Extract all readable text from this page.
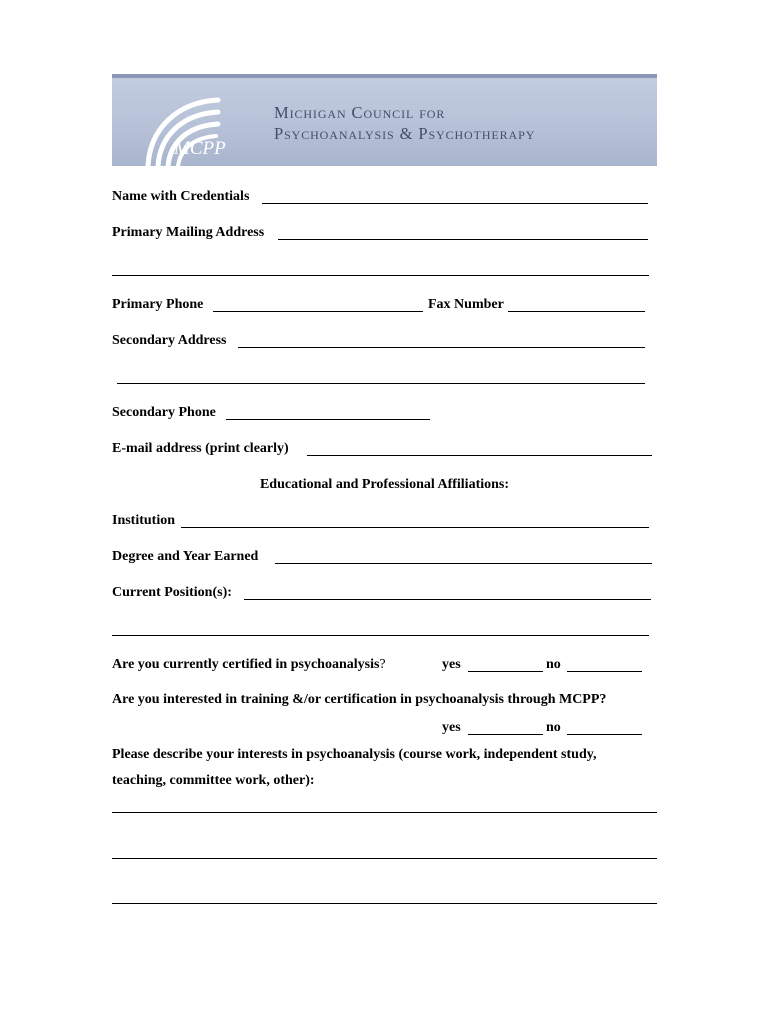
MCPP
Michigan Council for
Psychoanalysis & Psychotherapy
Name with Credentials
Primary Mailing Address
Primary Phone	Fax Number
Secondary Address
Secondary Phone
E-mail address (print clearly)
Educational and Professional Affiliations:
Institution
Degree and Year Earned
Current Position(s):
Are you currently certified in psychoanalysis?	yes	no
Are you interested in training &/or certification in psychoanalysis through MCPP?
yes	no
Please describe your interests in psychoanalysis (course work, independent study,
teaching, committee work, other):
